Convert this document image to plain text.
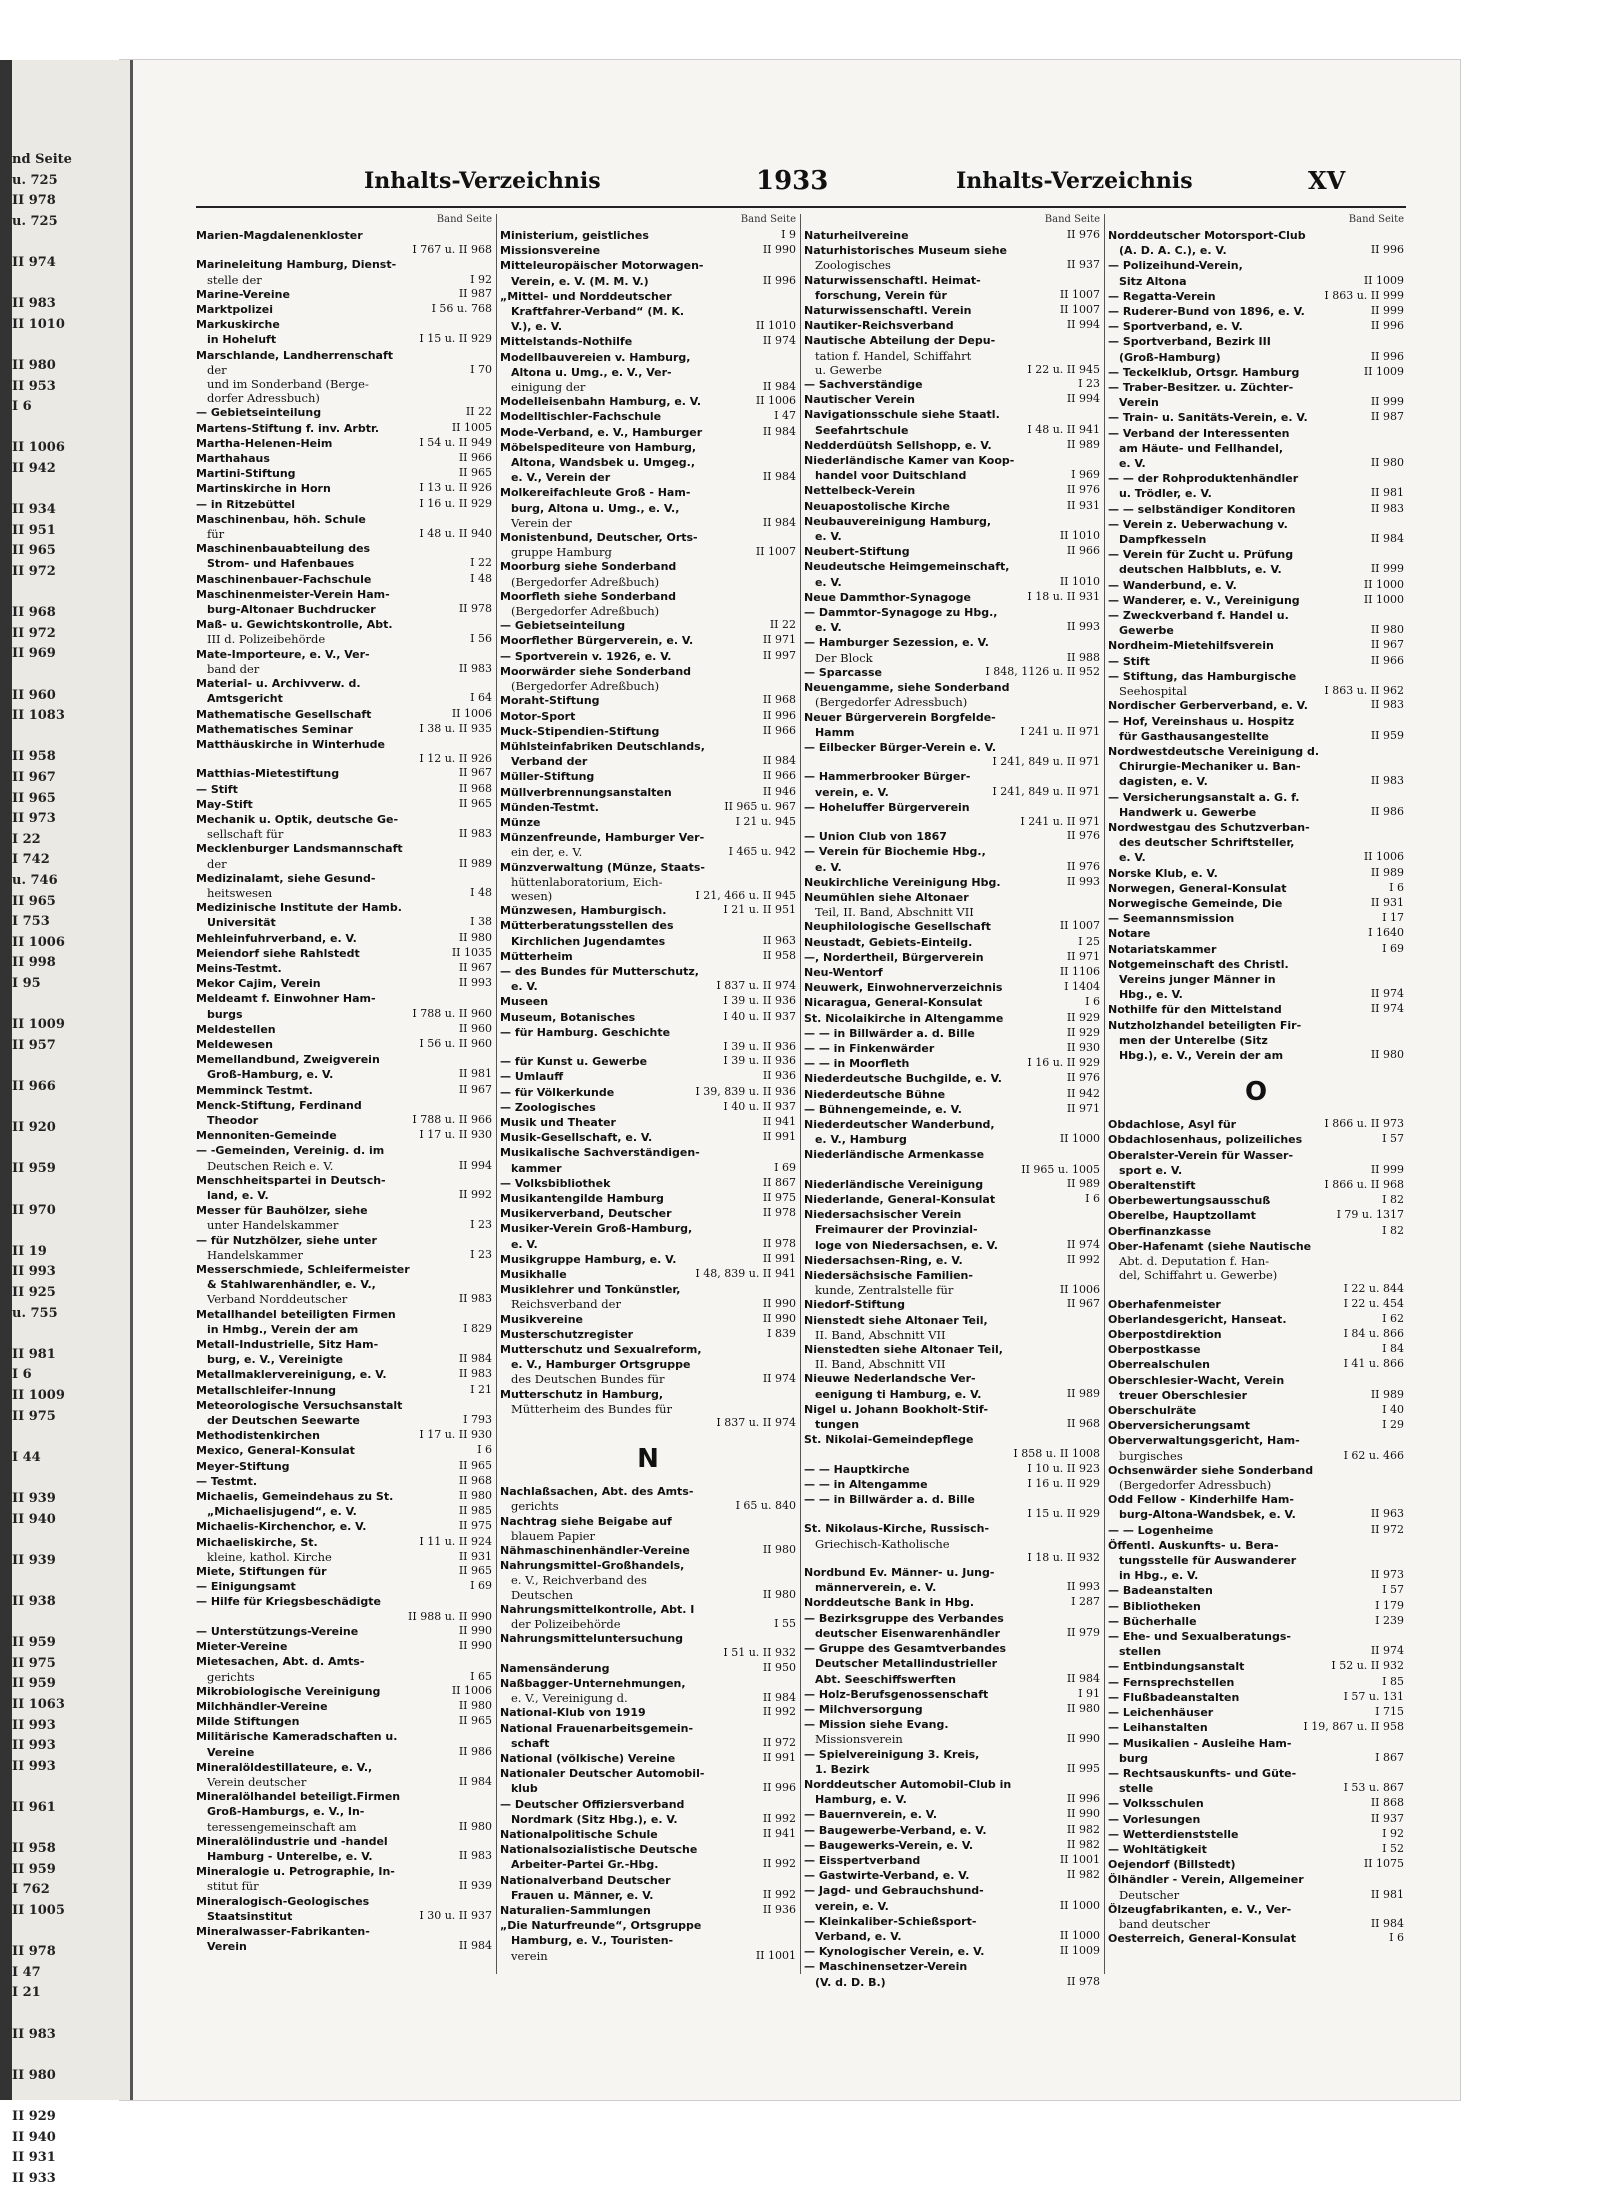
nd Seite
u. 725
II 978
u. 725
II 974
II 983
II 1010
II 980
II 953
I 6
II 1006
II 942
II 934
II 951
II 965
II 972
II 968
II 972
II 969
II 960
II 1083
II 958
II 967
II 965
II 973
I 22
I 742
u. 746
II 965
I 753
II 1006
II 998
I 95
II 1009
II 957
II 966
II 920
II 959
II 970
II 19
II 993
II 925
u. 755
II 981
I 6
II 1009
II 975
I 44
II 939
II 940
II 939
II 938
II 959
II 975
II 959
II 1063
II 993
II 993
II 993
II 961
II 958
II 959
I 762
II 1005
II 978
I 47
I 21
II 983
II 980
II 929
II 940
II 931
II 933
Inhalts-Verzeichnis	1933	Inhalts-Verzeichnis	XV
Band Seite
Marien-Magdalenenkloster
I 767 u. II 968
Marineleitung Hamburg, Dienst-
stelle der	I 92
Marine-Vereine	II 987
Marktpolizei	I 56 u. 768
Markuskirche
in Hoheluft	I 15 u. II 929
Marschlande, Landherrenschaft
der	I 70
und im Sonderband (Berge-
dorfer Adressbuch)
— Gebietseinteilung	II 22
Martens-Stiftung f. inv. Arbtr.	II 1005
Martha-Helenen-Heim	I 54 u. II 949
Marthahaus	II 966
Martini-Stiftung	II 965
Martinskirche in Horn	I 13 u. II 926
— in Ritzebüttel	I 16 u. II 929
Maschinenbau, höh. Schule
für	I 48 u. II 940
Maschinenbauabteilung des
Strom- und Hafenbaues	I 22
Maschinenbauer-Fachschule	I 48
Maschinenmeister-Verein Ham-
burg-Altonaer Buchdrucker	II 978
Maß- u. Gewichtskontrolle, Abt.
III d. Polizeibehörde	I 56
Mate-Importeure, e. V., Ver-
band der	II 983
Material- u. Archivverw. d.
Amtsgericht	I 64
Mathematische Gesellschaft	II 1006
Mathematisches Seminar	I 38 u. II 935
Matthäuskirche in Winterhude
I 12 u. II 926
Matthias-Mietestiftung	II 967
— Stift	II 968
May-Stift	II 965
Mechanik u. Optik, deutsche Ge-
sellschaft für	II 983
Mecklenburger Landsmannschaft
der	II 989
Medizinalamt, siehe Gesund-
heitswesen	I 48
Medizinische Institute der Hamb.
Universität	I 38
Mehleinfuhrverband, e. V.	II 980
Meiendorf siehe Rahlstedt	II 1035
Meins-Testmt.	II 967
Mekor Cajim, Verein	II 993
Meldeamt f. Einwohner Ham-
burgs	I 788 u. II 960
Meldestellen	II 960
Meldewesen	I 56 u. II 960
Memellandbund, Zweigverein
Groß-Hamburg, e. V.	II 981
Memminck Testmt.	II 967
Menck-Stiftung, Ferdinand
Theodor	I 788 u. II 966
Mennoniten-Gemeinde	I 17 u. II 930
— -Gemeinden, Vereinig. d. im
Deutschen Reich e. V.	II 994
Menschheitspartei in Deutsch-
land, e. V.	II 992
Messer für Bauhölzer, siehe
unter Handelskammer	I 23
— für Nutzhölzer, siehe unter
Handelskammer	I 23
Messerschmiede, Schleifermeister
& Stahlwarenhändler, e. V.,
Verband Norddeutscher	II 983
Metallhandel beteiligten Firmen
in Hmbg., Verein der am	I 829
Metall-Industrielle, Sitz Ham-
burg, e. V., Vereinigte	II 984
Metallmaklervereinigung, e. V.	II 983
Metallschleifer-Innung	I 21
Meteorologische Versuchsanstalt
der Deutschen Seewarte	I 793
Methodistenkirchen	I 17 u. II 930
Mexico, General-Konsulat	I 6
Meyer-Stiftung	II 965
— Testmt.	II 968
Michaelis, Gemeindehaus zu St.	II 980
„Michaelisjugend“, e. V.	II 985
Michaelis-Kirchenchor, e. V.	II 975
Michaeliskirche, St.	I 11 u. II 924
kleine, kathol. Kirche	II 931
Miete, Stiftungen für	II 965
— Einigungsamt	I 69
— Hilfe für Kriegsbeschädigte
II 988 u. II 990
— Unterstützungs-Vereine	II 990
Mieter-Vereine	II 990
Mietesachen, Abt. d. Amts-
gerichts	I 65
Mikrobiologische Vereinigung	II 1006
Milchhändler-Vereine	II 980
Milde Stiftungen	II 965
Militärische Kameradschaften u.
Vereine	II 986
Mineralöldestillateure, e. V.,
Verein deutscher	II 984
Mineralölhandel beteiligt.Firmen
Groß-Hamburgs, e. V., In-
teressengemeinschaft am	II 980
Mineralölindustrie und -handel
Hamburg - Unterelbe, e. V.	II 983
Mineralogie u. Petrographie, In-
stitut für	II 939
Mineralogisch-Geologisches
Staatsinstitut	I 30 u. II 937
Mineralwasser-Fabrikanten-
Verein	II 984
Band Seite
Ministerium, geistliches	I 9
Missionsvereine	II 990
Mitteleuropäischer Motorwagen-
Verein, e. V. (M. M. V.)	II 996
„Mittel- und Norddeutscher
Kraftfahrer-Verband“ (M. K.
V.), e. V.	II 1010
Mittelstands-Nothilfe	II 974
Modellbauvereien v. Hamburg,
Altona u. Umg., e. V., Ver-
einigung der	II 984
Modelleisenbahn Hamburg, e. V.	II 1006
Modelltischler-Fachschule	I 47
Mode-Verband, e. V., Hamburger	II 984
Möbelspediteure von Hamburg,
Altona, Wandsbek u. Umgeg.,
e. V., Verein der	II 984
Molkereifachleute Groß - Ham-
burg, Altona u. Umg., e. V.,
Verein der	II 984
Monistenbund, Deutscher, Orts-
gruppe Hamburg	II 1007
Moorburg siehe Sonderband
(Bergedorfer Adreßbuch)
Moorfleth siehe Sonderband
(Bergedorfer Adreßbuch)
— Gebietseinteilung	II 22
Moorflether Bürgerverein, e. V.	II 971
— Sportverein v. 1926, e. V.	II 997
Moorwärder siehe Sonderband
(Bergedorfer Adreßbuch)
Moraht-Stiftung	II 968
Motor-Sport	II 996
Muck-Stipendien-Stiftung	II 966
Mühlsteinfabriken Deutschlands,
Verband der	II 984
Müller-Stiftung	II 966
Müllverbrennungsanstalten	II 946
Münden-Testmt.	II 965 u. 967
Münze	I 21 u. 945
Münzenfreunde, Hamburger Ver-
ein der, e. V.	I 465 u. 942
Münzverwaltung (Münze, Staats-
hüttenlaboratorium, Eich-
wesen)	I 21, 466 u. II 945
Münzwesen, Hamburgisch.	I 21 u. II 951
Mütterberatungsstellen des
Kirchlichen Jugendamtes	II 963
Mütterheim	II 958
— des Bundes für Mutterschutz,
e. V.	I 837 u. II 974
Museen	I 39 u. II 936
Museum, Botanisches	I 40 u. II 937
— für Hamburg. Geschichte
I 39 u. II 936
— für Kunst u. Gewerbe	I 39 u. II 936
— Umlauff	II 936
— für Völkerkunde	I 39, 839 u. II 936
— Zoologisches	I 40 u. II 937
Musik und Theater	II 941
Musik-Gesellschaft, e. V.	II 991
Musikalische Sachverständigen-
kammer	I 69
— Volksbibliothek	II 867
Musikantengilde Hamburg	II 975
Musikerverband, Deutscher	II 978
Musiker-Verein Groß-Hamburg,
e. V.	II 978
Musikgruppe Hamburg, e. V.	II 991
Musikhalle	I 48, 839 u. II 941
Musiklehrer und Tonkünstler,
Reichsverband der	II 990
Musikvereine	II 990
Musterschutzregister	I 839
Mutterschutz und Sexualreform,
e. V., Hamburger Ortsgruppe
des Deutschen Bundes für	II 974
Mutterschutz in Hamburg,
Mütterheim des Bundes für
I 837 u. II 974
N
Nachlaßsachen, Abt. des Amts-
gerichts	I 65 u. 840
Nachtrag siehe Beigabe auf
blauem Papier
Nähmaschinenhändler-Vereine	II 980
Nahrungsmittel-Großhandels,
e. V., Reichverband des
Deutschen	II 980
Nahrungsmittelkontrolle, Abt. I
der Polizeibehörde	I 55
Nahrungsmitteluntersuchung
I 51 u. II 932
Namensänderung	II 950
Naßbagger-Unternehmungen,
e. V., Vereinigung d.	II 984
National-Klub von 1919	II 992
National Frauenarbeitsgemein-
schaft	II 972
National (völkische) Vereine	II 991
Nationaler Deutscher Automobil-
klub	II 996
— Deutscher Offiziersverband
Nordmark (Sitz Hbg.), e. V.	II 992
Nationalpolitische Schule	II 941
Nationalsozialistische Deutsche
Arbeiter-Partei Gr.-Hbg.	II 992
Nationalverband Deutscher
Frauen u. Männer, e. V.	II 992
Naturalien-Sammlungen	II 936
„Die Naturfreunde“, Ortsgruppe
Hamburg, e. V., Touristen-
verein	II 1001
Band Seite
Naturheilvereine	II 976
Naturhistorisches Museum siehe
Zoologisches	II 937
Naturwissenschaftl. Heimat-
forschung, Verein für	II 1007
Naturwissenschaftl. Verein	II 1007
Nautiker-Reichsverband	II 994
Nautische Abteilung der Depu-
tation f. Handel, Schiffahrt
u. Gewerbe	I 22 u. II 945
— Sachverständige	I 23
Nautischer Verein	II 994
Navigationsschule siehe Staatl.
Seefahrtschule	I 48 u. II 941
Nedderdüütsh Sellshopp, e. V.	II 989
Niederländische Kamer van Koop-
handel voor Duitschland	I 969
Nettelbeck-Verein	II 976
Neuapostolische Kirche	II 931
Neubauvereinigung Hamburg,
e. V.	II 1010
Neubert-Stiftung	II 966
Neudeutsche Heimgemeinschaft,
e. V.	II 1010
Neue Dammthor-Synagoge	I 18 u. II 931
— Dammtor-Synagoge zu Hbg.,
e. V.	II 993
— Hamburger Sezession, e. V.
Der Block	II 988
— Sparcasse	I 848, 1126 u. II 952
Neuengamme, siehe Sonderband
(Bergedorfer Adressbuch)
Neuer Bürgerverein Borgfelde-
Hamm	I 241 u. II 971
— Eilbecker Bürger-Verein e. V.
I 241, 849 u. II 971
— Hammerbrooker Bürger-
verein, e. V.	I 241, 849 u. II 971
— Hoheluffer Bürgerverein
I 241 u. II 971
— Union Club von 1867	II 976
— Verein für Biochemie Hbg.,
e. V.	II 976
Neukirchliche Vereinigung Hbg.	II 993
Neumühlen siehe Altonaer
Teil, II. Band, Abschnitt VII
Neuphilologische Gesellschaft	II 1007
Neustadt, Gebiets-Einteilg.	I 25
—, Nordertheil, Bürgerverein	II 971
Neu-Wentorf	II 1106
Neuwerk, Einwohnerverzeichnis	I 1404
Nicaragua, General-Konsulat	I 6
St. Nicolaikirche in Altengamme	II 929
— — in Billwärder a. d. Bille	II 929
— — in Finkenwärder	II 930
— — in Moorfleth	I 16 u. II 929
Niederdeutsche Buchgilde, e. V.	II 976
Niederdeutsche Bühne	II 942
— Bühnengemeinde, e. V.	II 971
Niederdeutscher Wanderbund,
e. V., Hamburg	II 1000
Niederländische Armenkasse
II 965 u. 1005
Niederländische Vereinigung	II 989
Niederlande, General-Konsulat	I 6
Niedersachsischer Verein
Freimaurer der Provinzial-
loge von Niedersachsen, e. V.	II 974
Niedersachsen-Ring, e. V.	II 992
Niedersächsische Familien-
kunde, Zentralstelle für	II 1006
Niedorf-Stiftung	II 967
Nienstedt siehe Altonaer Teil,
II. Band, Abschnitt VII
Nienstedten siehe Altonaer Teil,
II. Band, Abschnitt VII
Nieuwe Nederlandsche Ver-
eenigung ti Hamburg, e. V.	II 989
Nigel u. Johann Bookholt-Stif-
tungen	II 968
St. Nikolai-Gemeindepflege
I 858 u. II 1008
— — Hauptkirche	I 10 u. II 923
— — in Altengamme	I 16 u. II 929
— — in Billwärder a. d. Bille
I 15 u. II 929
St. Nikolaus-Kirche, Russisch-
Griechisch-Katholische
I 18 u. II 932
Nordbund Ev. Männer- u. Jung-
männerverein, e. V.	II 993
Norddeutsche Bank in Hbg.	I 287
— Bezirksgruppe des Verbandes
deutscher Eisenwarenhändler	II 979
— Gruppe des Gesamtverbandes
Deutscher Metallindustrieller
Abt. Seeschiffswerften	II 984
— Holz-Berufsgenossenschaft	I 91
— Milchversorgung	II 980
— Mission siehe Evang.
Missionsverein	II 990
— Spielvereinigung 3. Kreis,
1. Bezirk	II 995
Norddeutscher Automobil-Club in
Hamburg, e. V.	II 996
— Bauernverein, e. V.	II 990
— Baugewerbe-Verband, e. V.	II 982
— Baugewerks-Verein, e. V.	II 982
— Eisspertverband	II 1001
— Gastwirte-Verband, e. V.	II 982
— Jagd- und Gebrauchshund-
verein, e. V.	II 1000
— Kleinkaliber-Schießsport-
Verband, e. V.	II 1000
— Kynologischer Verein, e. V.	II 1009
— Maschinensetzer-Verein
(V. d. D. B.)	II 978
Band Seite
Norddeutscher Motorsport-Club
(A. D. A. C.), e. V.	II 996
— Polizeihund-Verein,
Sitz Altona	II 1009
— Regatta-Verein	I 863 u. II 999
— Ruderer-Bund von 1896, e. V.	II 999
— Sportverband, e. V.	II 996
— Sportverband, Bezirk III
(Groß-Hamburg)	II 996
— Teckelklub, Ortsgr. Hamburg	II 1009
— Traber-Besitzer. u. Züchter-
Verein	II 999
— Train- u. Sanitäts-Verein, e. V.	II 987
— Verband der Interessenten
am Häute- und Fellhandel,
e. V.	II 980
— — der Rohproduktenhändler
u. Trödler, e. V.	II 981
— — selbständiger Konditoren	II 983
— Verein z. Ueberwachung v.
Dampfkesseln	II 984
— Verein für Zucht u. Prüfung
deutschen Halbbluts, e. V.	II 999
— Wanderbund, e. V.	II 1000
— Wanderer, e. V., Vereinigung	II 1000
— Zweckverband f. Handel u.
Gewerbe	II 980
Nordheim-Mietehilfsverein	II 967
— Stift	II 966
— Stiftung, das Hamburgische
Seehospital	I 863 u. II 962
Nordischer Gerberverband, e. V.	II 983
— Hof, Vereinshaus u. Hospitz
für Gasthausangestellte	II 959
Nordwestdeutsche Vereinigung d.
Chirurgie-Mechaniker u. Ban-
dagisten, e. V.	II 983
— Versicherungsanstalt a. G. f.
Handwerk u. Gewerbe	II 986
Nordwestgau des Schutzverban-
des deutscher Schriftsteller,
e. V.	II 1006
Norske Klub, e. V.	II 989
Norwegen, General-Konsulat	I 6
Norwegische Gemeinde, Die	II 931
— Seemannsmission	I 17
Notare	I 1640
Notariatskammer	I 69
Notgemeinschaft des Christl.
Vereins junger Männer in
Hbg., e. V.	II 974
Nothilfe für den Mittelstand	II 974
Nutzholzhandel beteiligten Fir-
men der Unterelbe (Sitz
Hbg.), e. V., Verein der am	II 980
O
Obdachlose, Asyl für	I 866 u. II 973
Obdachlosenhaus, polizeiliches	I 57
Oberalster-Verein für Wasser-
sport e. V.	II 999
Oberaltenstift	I 866 u. II 968
Oberbewertungsausschuß	I 82
Oberelbe, Hauptzollamt	I 79 u. 1317
Oberfinanzkasse	I 82
Ober-Hafenamt (siehe Nautische
Abt. d. Deputation f. Han-
del, Schiffahrt u. Gewerbe)
I 22 u. 844
Oberhafenmeister	I 22 u. 454
Oberlandesgericht, Hanseat.	I 62
Oberpostdirektion	I 84 u. 866
Oberpostkasse	I 84
Oberrealschulen	I 41 u. 866
Oberschlesier-Wacht, Verein
treuer Oberschlesier	II 989
Oberschulräte	I 40
Oberversicherungsamt	I 29
Oberverwaltungsgericht, Ham-
burgisches	I 62 u. 466
Ochsenwärder siehe Sonderband
(Bergedorfer Adressbuch)
Odd Fellow - Kinderhilfe Ham-
burg-Altona-Wandsbek, e. V.	II 963
— — Logenheime	II 972
Öffentl. Auskunfts- u. Bera-
tungsstelle für Auswanderer
in Hbg., e. V.	II 973
— Badeanstalten	I 57
— Bibliotheken	I 179
— Bücherhalle	I 239
— Ehe- und Sexualberatungs-
stellen	II 974
— Entbindungsanstalt	I 52 u. II 932
— Fernsprechstellen	I 85
— Flußbadeanstalten	I 57 u. 131
— Leichenhäuser	I 715
— Leihanstalten	I 19, 867 u. II 958
— Musikalien - Ausleihe Ham-
burg	I 867
— Rechtsauskunfts- und Güte-
stelle	I 53 u. 867
— Volksschulen	II 868
— Vorlesungen	II 937
— Wetterdienststelle	I 92
— Wohltätigkeit	I 52
Oejendorf (Billstedt)	II 1075
Ölhändler - Verein, Allgemeiner
Deutscher	II 981
Ölzeugfabrikanten, e. V., Ver-
band deutscher	II 984
Oesterreich, General-Konsulat	I 6
